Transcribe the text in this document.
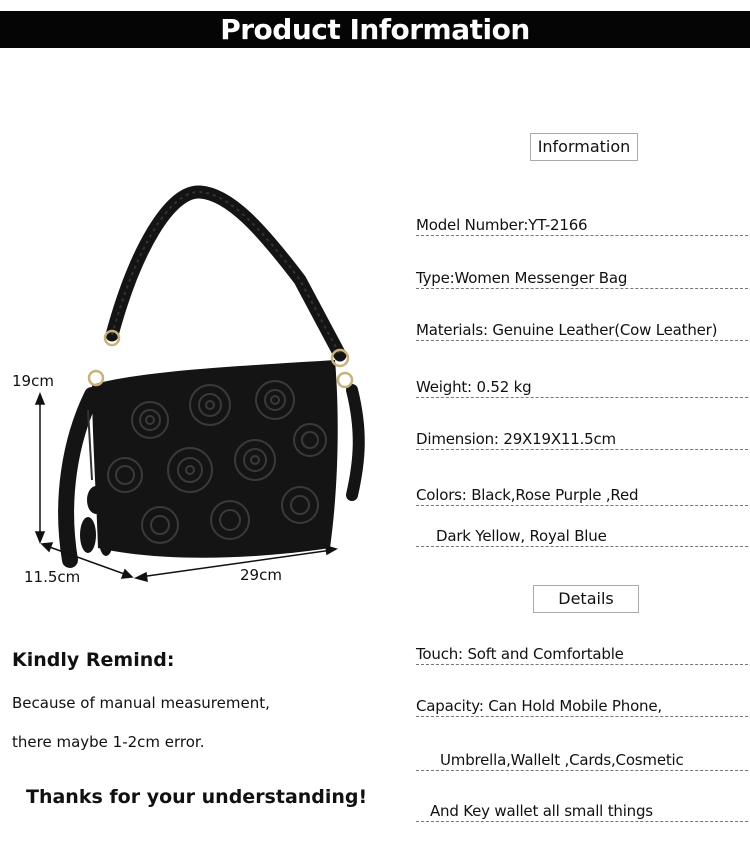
Product Information
19cm
11.5cm	29cm
Information
Model Number:YT-2166
Type:Women Messenger Bag
Materials: Genuine Leather(Cow Leather)
Weight: 0.52 kg
Dimension: 29X19X11.5cm
Colors: Black,Rose Purple ,Red
Dark Yellow, Royal Blue
Details
Touch: Soft and Comfortable
Capacity: Can Hold Mobile Phone,
Umbrella,Wallelt ,Cards,Cosmetic
And Key wallet all small things
Kindly Remind:
Because of manual measurement,
there maybe 1-2cm error.
Thanks for your understanding!
